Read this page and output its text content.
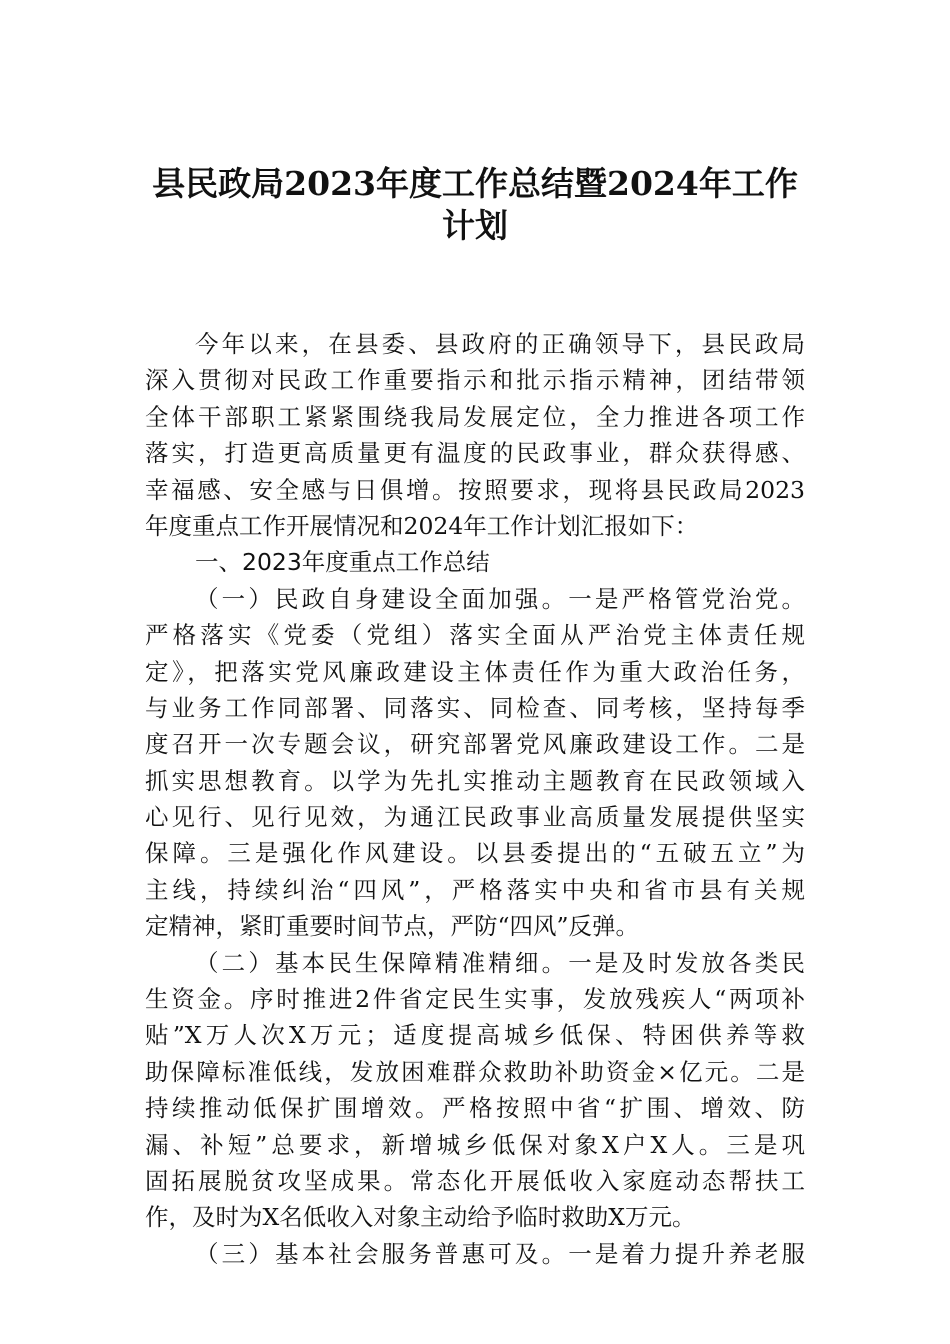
县民政局2023年度工作总结暨2024年工作
计划
今年以来，在县委、县政府的正确领导下，县民政局
深入贯彻对民政工作重要指示和批示指示精神，团结带领
全体干部职工紧紧围绕我局发展定位，全力推进各项工作
落实，打造更高质量更有温度的民政事业，群众获得感、
幸福感、安全感与日俱增。按照要求，现将县民政局2023
年度重点工作开展情况和2024年工作计划汇报如下：
一、2023年度重点工作总结
（一）民政自身建设全面加强。一是严格管党治党。
严格落实《党委（党组）落实全面从严治党主体责任规
定》，把落实党风廉政建设主体责任作为重大政治任务，
与业务工作同部署、同落实、同检查、同考核，坚持每季
度召开一次专题会议，研究部署党风廉政建设工作。二是
抓实思想教育。以学为先扎实推动主题教育在民政领域入
心见行、见行见效，为通江民政事业高质量发展提供坚实
保障。三是强化作风建设。以县委提出的“五破五立”为
主线，持续纠治“四风”，严格落实中央和省市县有关规
定精神，紧盯重要时间节点，严防“四风”反弹。
（二）基本民生保障精准精细。一是及时发放各类民
生资金。序时推进2件省定民生实事，发放残疾人“两项补
贴”X万人次X万元；适度提高城乡低保、特困供养等救
助保障标准低线，发放困难群众救助补助资金×亿元。二是
持续推动低保扩围增效。严格按照中省“扩围、增效、防
漏、补短”总要求，新增城乡低保对象X户X人。三是巩
固拓展脱贫攻坚成果。常态化开展低收入家庭动态帮扶工
作，及时为X名低收入对象主动给予临时救助X万元。
（三）基本社会服务普惠可及。一是着力提升养老服
